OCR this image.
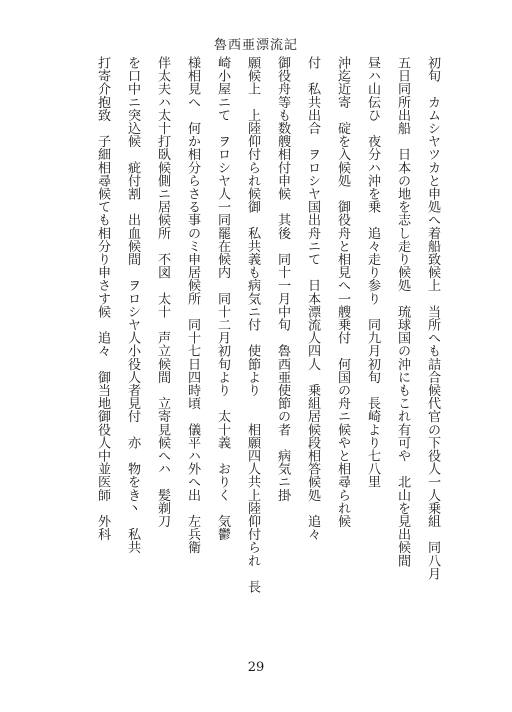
魯西亜漂流記
初旬　カムシヤツカと申処へ着船致候上　当所へも詰合候代官の下役人一人乗組　同八月
五日同所出船　日本の地を志し走り候処　琉球国の沖にもこれ有可や　北山を見出候間
昼ハ山伝ひ　夜分ハ沖を乗　追々走り参り　同九月初旬　長崎より七八里
沖迄近寄　碇を入候処　御役舟と相見へ一艘乗付　何国の舟ニ候やと相尋られ候
付　私共出合　ヲロシヤ国出舟ニて　日本漂流人四人　乗組居候段相答候処　追々
御役舟等も数艘相付申候　其後　同十一月中旬　魯西亜使節の者　病気ニ掛
願候上　上陸仰付られ候御　私共義も病気ニ付　使節より　　相願四人共上陸仰付られ　長
崎小屋ニて　ヲロシヤ人一同罷在候内　同十二月初旬より　太十義　おりく　気鬱
様相見へ　何か相分らさる事のミ申居候所　同十七日四時頃　儀平ハ外へ出　左兵衛
伴太夫ハ太十打臥候側ニ居候所　不図　太十　声立候間　立寄見候へハ　髪剃刀
を口中ニ突込候　疵付割　出血候間　ヲロシヤ人小役人者見付　亦　物をき丶　私共
打寄介抱致　子細相尋候ても相分り申さす候　追々　御当地御役人中並医師　外科
29
